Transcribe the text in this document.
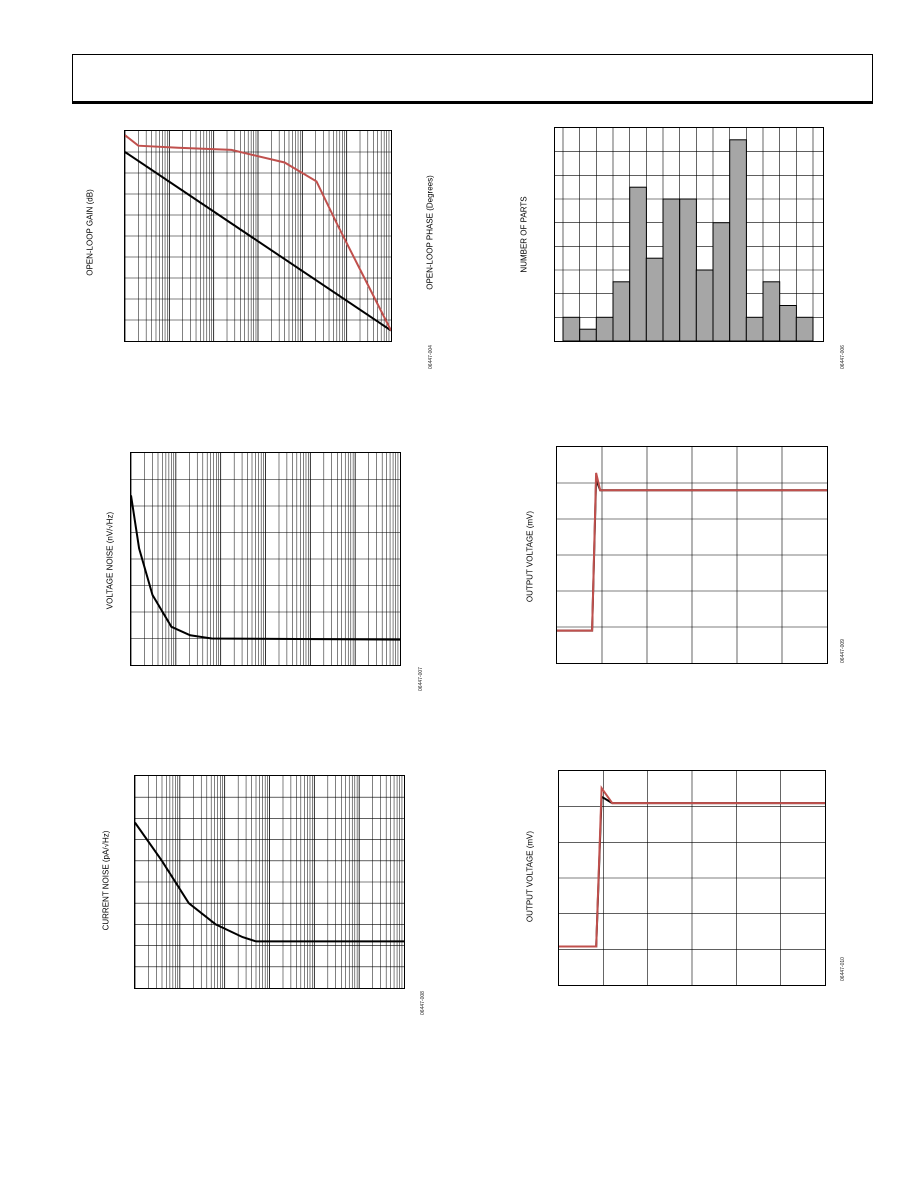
OPEN-LOOP GAIN (dB)	OPEN-LOOP PHASE (Degrees)
06447-004
NUMBER OF PARTS
06447-006
VOLTAGE NOISE (nV/√Hz)
06447-007
OUTPUT VOLTAGE (mV)
06447-009
CURRENT NOISE (pA/√Hz)
06447-008
OUTPUT VOLTAGE (mV)
06447-010
